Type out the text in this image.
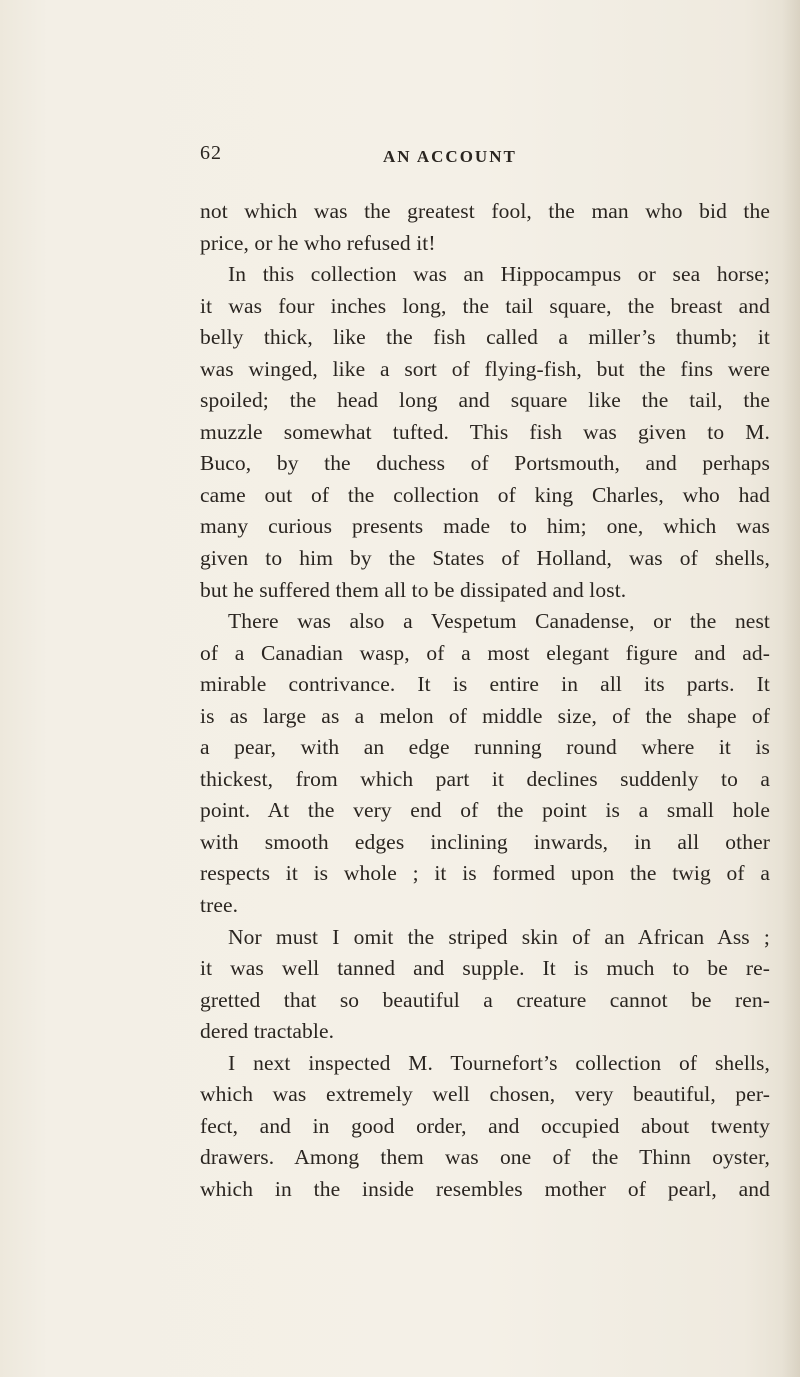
62	AN ACCOUNT
not which was the greatest fool, the man who bid the
price, or he who refused it!
In this collection was an Hippocampus or sea horse;
it was four inches long, the tail square, the breast and
belly thick, like the fish called a miller’s thumb; it
was winged, like a sort of flying-fish, but the fins were
spoiled; the head long and square like the tail, the
muzzle somewhat tufted. This fish was given to M.
Buco, by the duchess of Portsmouth, and perhaps
came out of the collection of king Charles, who had
many curious presents made to him; one, which was
given to him by the States of Holland, was of shells,
but he suffered them all to be dissipated and lost.
There was also a Vespetum Canadense, or the nest
of a Canadian wasp, of a most elegant figure and ad-
mirable contrivance. It is entire in all its parts. It
is as large as a melon of middle size, of the shape of
a pear, with an edge running round where it is
thickest, from which part it declines suddenly to a
point. At the very end of the point is a small hole
with smooth edges inclining inwards, in all other
respects it is whole ; it is formed upon the twig of a
tree.
Nor must I omit the striped skin of an African Ass ;
it was well tanned and supple. It is much to be re-
gretted that so beautiful a creature cannot be ren-
dered tractable.
I next inspected M. Tournefort’s collection of shells,
which was extremely well chosen, very beautiful, per-
fect, and in good order, and occupied about twenty
drawers. Among them was one of the Thinn oyster,
which in the inside resembles mother of pearl, and
